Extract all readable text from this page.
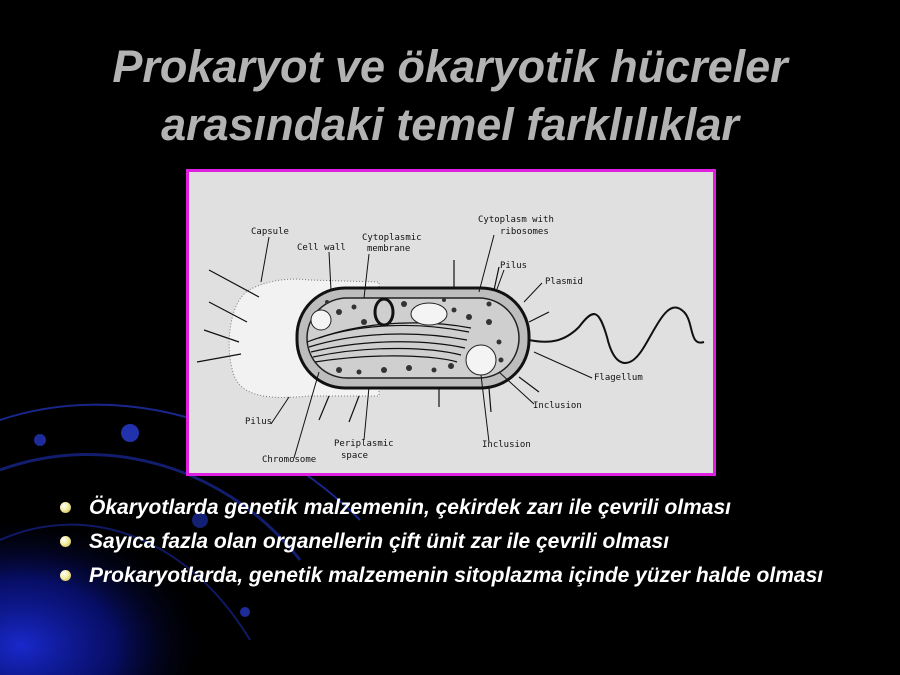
Prokaryot ve ökaryotik hücreler
arasındaki temel farklılıklar
Capsule
Cell wall
Cytoplasmic
membrane
Cytoplasm with
ribosomes
Pilus
Plasmid
Flagellum
Inclusion
Inclusion
Periplasmic
space
Pilus
Chromosome
Ökaryotlarda genetik malzemenin, çekirdek zarı ile çevrili olması
Sayıca fazla olan organellerin çift ünit zar ile çevrili olması
Prokaryotlarda, genetik malzemenin sitoplazma içinde yüzer halde olması
